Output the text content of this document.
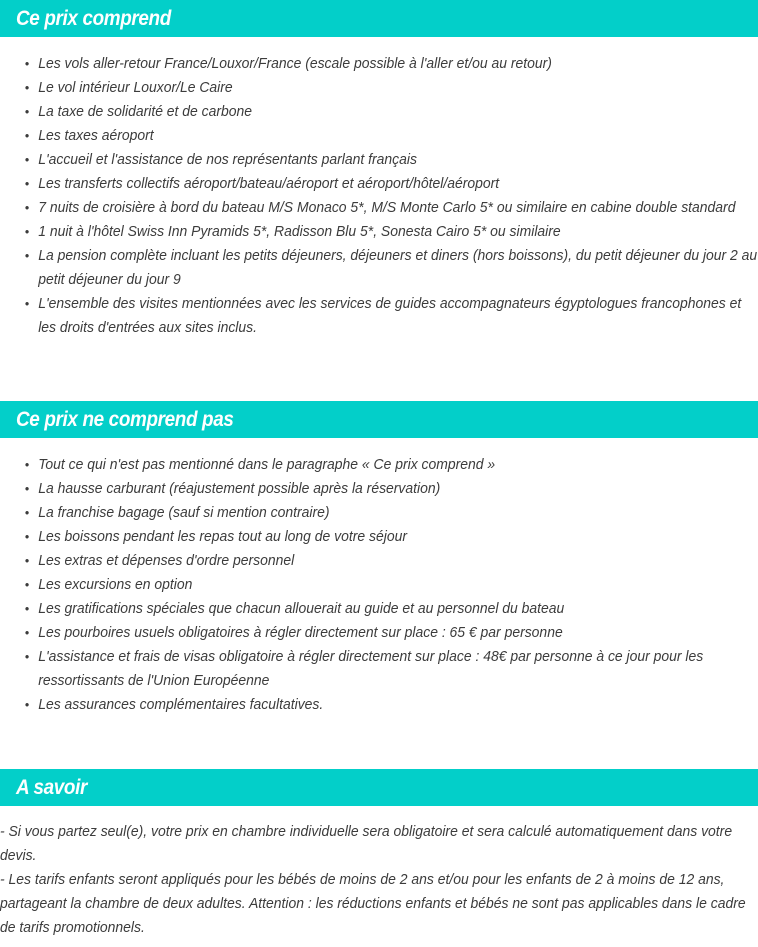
Ce prix comprend
• Les vols aller-retour France/Louxor/France (escale possible à l'aller et/ou au retour)
• Le vol intérieur Louxor/Le Caire
• La taxe de solidarité et de carbone
• Les taxes aéroport
• L'accueil et l'assistance de nos représentants parlant français
• Les transferts collectifs aéroport/bateau/aéroport et aéroport/hôtel/aéroport
• 7 nuits de croisière à bord du bateau M/S Monaco 5*, M/S Monte Carlo 5* ou similaire en cabine double standard
• 1 nuit à l'hôtel Swiss Inn Pyramids 5*, Radisson Blu 5*, Sonesta Cairo 5* ou similaire
• La pension complète incluant les petits déjeuners, déjeuners et diners (hors boissons), du petit déjeuner du jour 2 au petit déjeuner du jour 9
• L'ensemble des visites mentionnées avec les services de guides accompagnateurs égyptologues francophones et les droits d'entrées aux sites inclus.
Ce prix ne comprend pas
• Tout ce qui n'est pas mentionné dans le paragraphe « Ce prix comprend »
• La hausse carburant (réajustement possible après la réservation)
• La franchise bagage (sauf si mention contraire)
• Les boissons pendant les repas tout au long de votre séjour
• Les extras et dépenses d'ordre personnel
• Les excursions en option
• Les gratifications spéciales que chacun allouerait au guide et au personnel du bateau
• Les pourboires usuels obligatoires à régler directement sur place : 65 € par personne
• L'assistance et frais de visas obligatoire à régler directement sur place : 48€ par personne à ce jour pour les ressortissants de l'Union Européenne
• Les assurances complémentaires facultatives.
A savoir

- Si vous partez seul(e), votre prix en chambre individuelle sera obligatoire et sera calculé automatiquement dans votre devis.

- Les tarifs enfants seront appliqués pour les bébés de moins de 2 ans et/ou pour les enfants de 2 à moins de 12 ans, partageant la chambre de deux adultes. Attention : les réductions enfants et bébés ne sont pas applicables dans le cadre de tarifs promotionnels.
